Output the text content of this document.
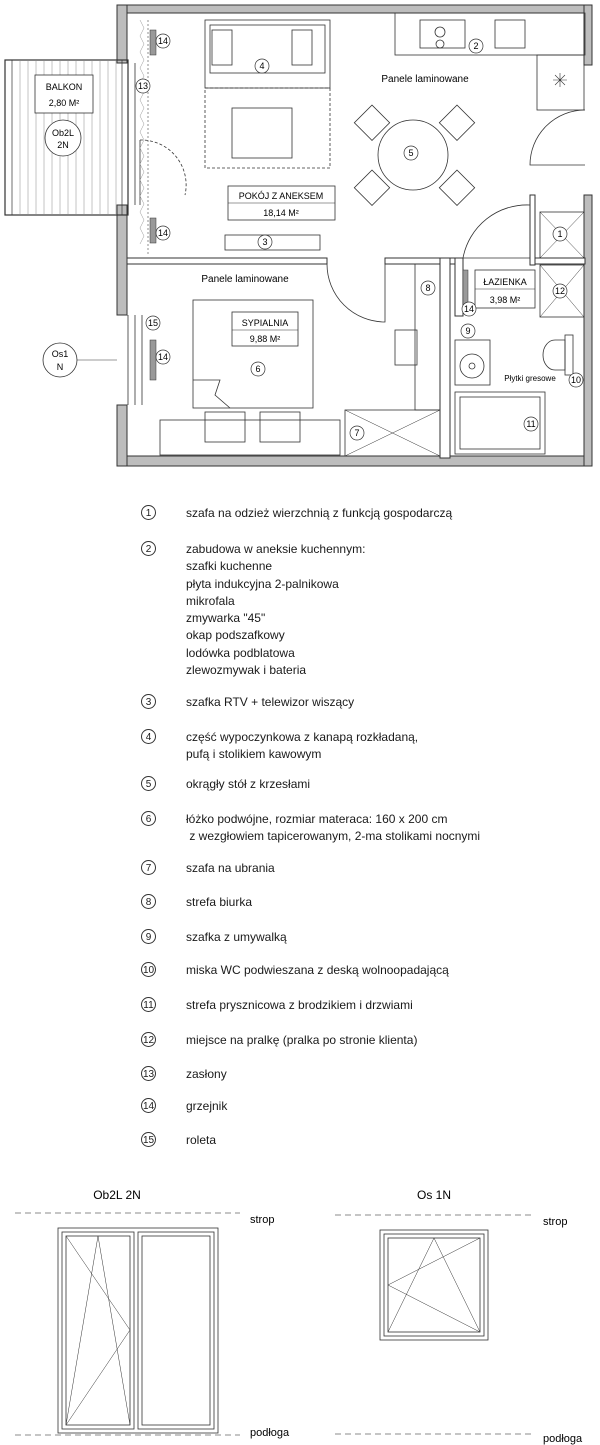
BALKON
2,80 M²
Ob2L
2N
Os1
N
POKÓJ Z ANEKSEM
18,14 M²
Panele laminowane
Panele laminowane
SYPIALNIA
9,88 M²
ŁAZIENKA
3,98 M²
Płytki gresowe
1
2
3
4
5
6
7
8
9
10
11
12
13
14
14
14
14
15
1	szafa na odzież wierzchnią z funkcją gospodarczą
2	zabudowa w aneksie kuchennym:
szafki kuchenne
płyta indukcyjna 2-palnikowa
mikrofala
zmywarka "45"
okap podszafkowy
lodówka podblatowa
zlewozmywak i bateria
3	szafka RTV + telewizor wiszący
4	część wypoczynkowa z kanapą rozkładaną,
pufą i stolikiem kawowym
5	okrągły stół z krzesłami
6	łóżko podwójne, rozmiar materaca: 160 x 200 cm
z wezgłowiem tapicerowanym, 2-ma stolikami nocnymi
7	szafa na ubrania
8	strefa biurka
9	szafka z umywalką
10	miska WC podwieszana z deską wolnoopadającą
11	strefa prysznicowa z brodzikiem i drzwiami
12	miejsce na pralkę (pralka po stronie klienta)
13	zasłony
14	grzejnik
15	roleta
Ob2L 2N
strop
podłoga
Os 1N
strop
podłoga
